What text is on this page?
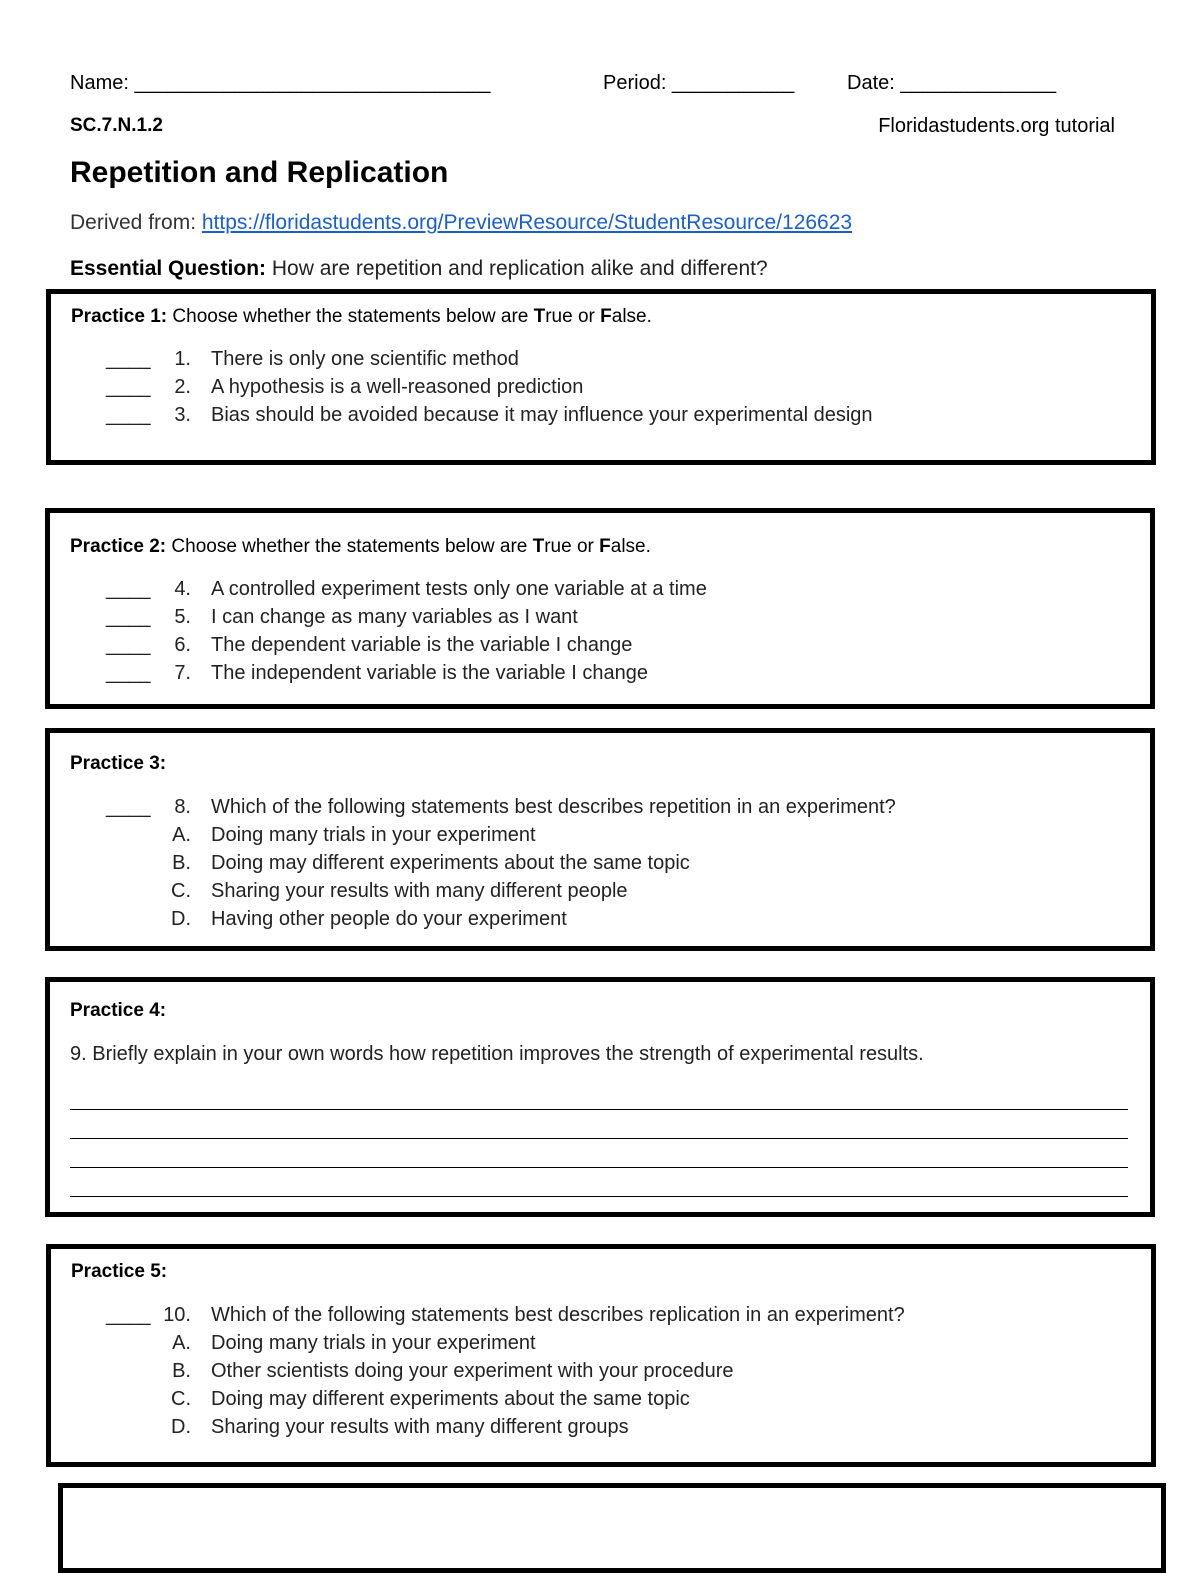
Name: ________________________________	Period: ___________	Date: ______________
SC.7.N.1.2	Floridastudents.org tutorial
Repetition and Replication
Derived from: https://floridastudents.org/PreviewResource/StudentResource/126623
Essential Question: How are repetition and replication alike and different?
Practice 1: Choose whether the statements below are True or False.
____	1. There is only one scientific method
____	2. A hypothesis is a well-reasoned prediction
____	3. Bias should be avoided because it may influence your experimental design
Practice 2: Choose whether the statements below are True or False.
____	4. A controlled experiment tests only one variable at a time
____	5. I can change as many variables as I want
____	6. The dependent variable is the variable I change
____	7. The independent variable is the variable I change
Practice 3:
____	8. Which of the following statements best describes repetition in an experiment?
A. Doing many trials in your experiment
B. Doing may different experiments about the same topic
C. Sharing your results with many different people
D. Having other people do your experiment
Practice 4:
9. Briefly explain in your own words how repetition improves the strength of experimental results.
Practice 5:
____ 10. Which of the following statements best describes replication in an experiment?
A. Doing many trials in your experiment
B. Other scientists doing your experiment with your procedure
C. Doing may different experiments about the same topic
D. Sharing your results with many different groups
